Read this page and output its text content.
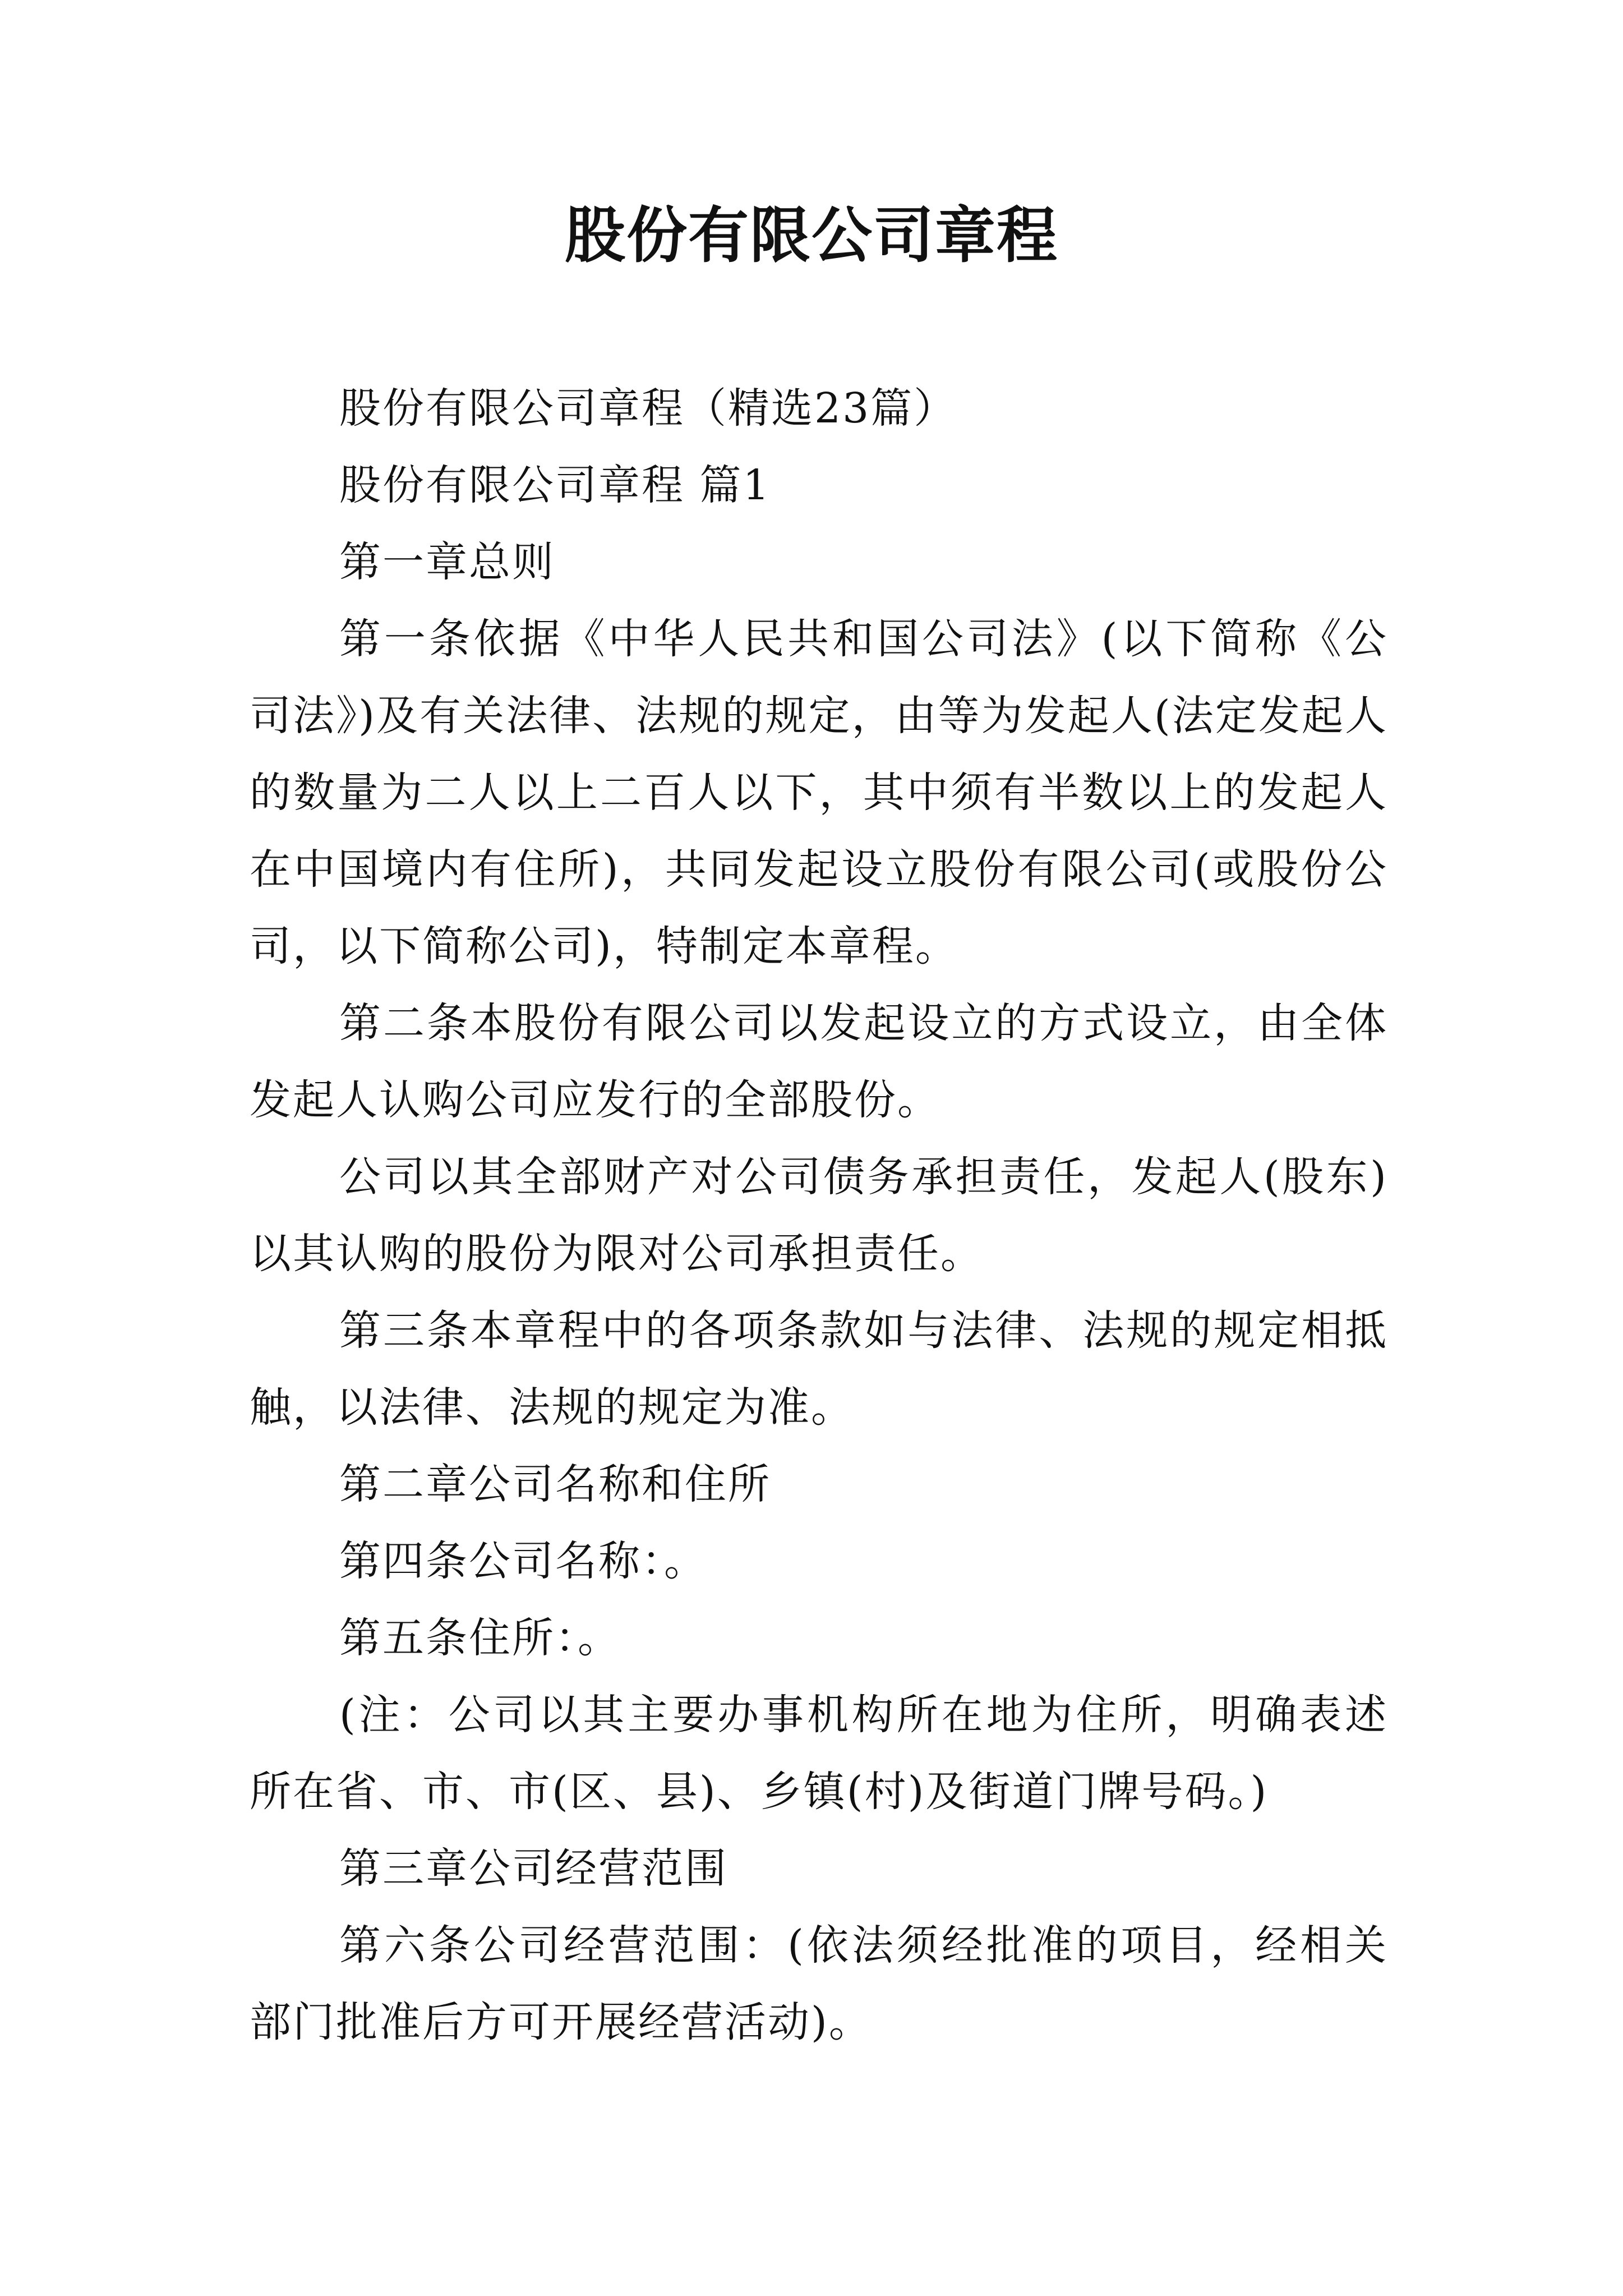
股份有限公司章程

股份有限公司章程（精选23篇）

股份有限公司章程 篇1

第一章总则

第一条依据《中华人民共和国公司法》(以下简称《公司法》)及有关法律、法规的规定，由等为发起人(法定发起人的数量为二人以上二百人以下，其中须有半数以上的发起人在中国境内有住所)，共同发起设立股份有限公司(或股份公司，以下简称公司)，特制定本章程。

第二条本股份有限公司以发起设立的方式设立，由全体发起人认购公司应发行的全部股份。

公司以其全部财产对公司债务承担责任，发起人(股东)以其认购的股份为限对公司承担责任。

第三条本章程中的各项条款如与法律、法规的规定相抵触，以法律、法规的规定为准。

第二章公司名称和住所

第四条公司名称：。

第五条住所：。

(注：公司以其主要办事机构所在地为住所，明确表述所在省、市、市(区、县)、乡镇(村)及街道门牌号码。)

第三章公司经营范围

第六条公司经营范围：(依法须经批准的项目，经相关部门批准后方可开展经营活动)。
